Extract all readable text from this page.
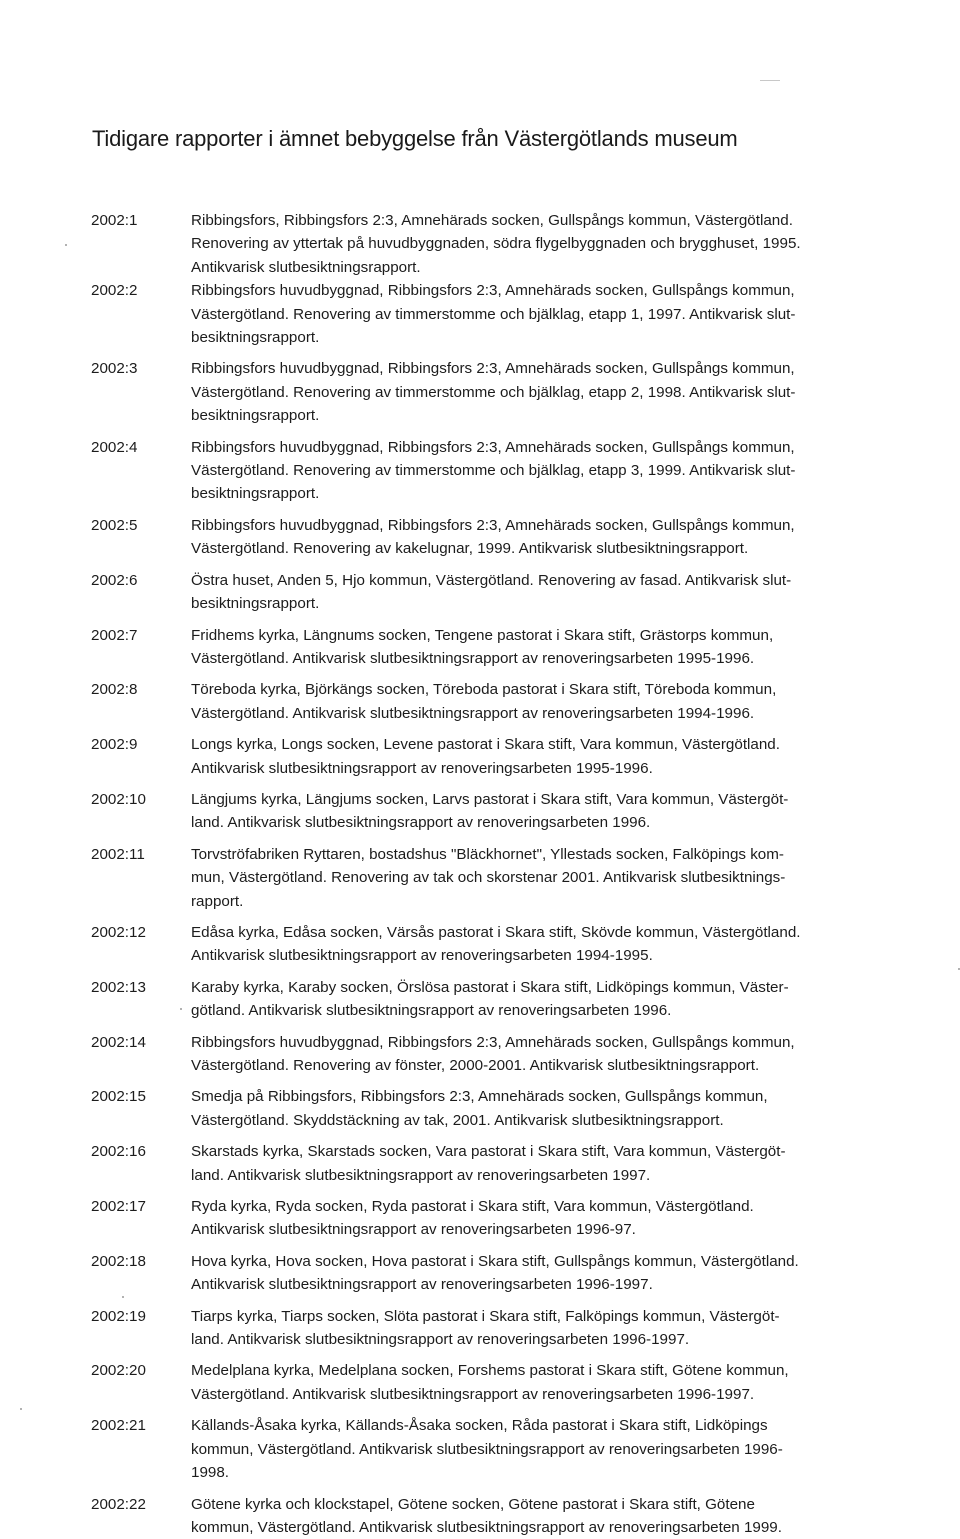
Tidigare rapporter i ämnet bebyggelse från Västergötlands museum
2002:1	Ribbingsfors, Ribbingsfors 2:3, Amnehärads socken, Gullspångs kommun, Västergötland.
Renovering av yttertak på huvudbyggnaden, södra flygelbyggnaden och brygghuset, 1995.
Antikvarisk slutbesiktningsrapport.
2002:2	Ribbingsfors huvudbyggnad, Ribbingsfors 2:3, Amnehärads socken, Gullspångs kommun,
Västergötland. Renovering av timmerstomme och bjälklag, etapp 1, 1997. Antikvarisk slut-
besiktningsrapport.
2002:3	Ribbingsfors huvudbyggnad, Ribbingsfors 2:3, Amnehärads socken, Gullspångs kommun,
Västergötland. Renovering av timmerstomme och bjälklag, etapp 2, 1998. Antikvarisk slut-
besiktningsrapport.
2002:4	Ribbingsfors huvudbyggnad, Ribbingsfors 2:3, Amnehärads socken, Gullspångs kommun,
Västergötland. Renovering av timmerstomme och bjälklag, etapp 3, 1999. Antikvarisk slut-
besiktningsrapport.
2002:5	Ribbingsfors huvudbyggnad, Ribbingsfors 2:3, Amnehärads socken, Gullspångs kommun,
Västergötland. Renovering av kakelugnar, 1999. Antikvarisk slutbesiktningsrapport.
2002:6	Östra huset, Anden 5, Hjo kommun, Västergötland. Renovering av fasad. Antikvarisk slut-
besiktningsrapport.
2002:7	Fridhems kyrka, Längnums socken, Tengene pastorat i Skara stift, Grästorps kommun,
Västergötland. Antikvarisk slutbesiktningsrapport av renoveringsarbeten 1995-1996.
2002:8	Töreboda kyrka, Björkängs socken, Töreboda pastorat i Skara stift, Töreboda kommun,
Västergötland. Antikvarisk slutbesiktningsrapport av renoveringsarbeten 1994-1996.
2002:9	Longs kyrka, Longs socken, Levene pastorat i Skara stift, Vara kommun, Västergötland.
Antikvarisk slutbesiktningsrapport av renoveringsarbeten 1995-1996.
2002:10	Längjums kyrka, Längjums socken, Larvs pastorat i Skara stift, Vara kommun, Västergöt-
land. Antikvarisk slutbesiktningsrapport av renoveringsarbeten 1996.
2002:11	Torvströfabriken Ryttaren, bostadshus "Bläckhornet", Yllestads socken, Falköpings kom-
mun, Västergötland. Renovering av tak och skorstenar 2001. Antikvarisk slutbesiktnings-
rapport.
2002:12	Edåsa kyrka, Edåsa socken, Värsås pastorat i Skara stift, Skövde kommun, Västergötland.
Antikvarisk slutbesiktningsrapport av renoveringsarbeten 1994-1995.
2002:13	Karaby kyrka, Karaby socken, Örslösa pastorat i Skara stift, Lidköpings kommun, Väster-
götland. Antikvarisk slutbesiktningsrapport av renoveringsarbeten 1996.
2002:14	Ribbingsfors huvudbyggnad, Ribbingsfors 2:3, Amnehärads socken, Gullspångs kommun,
Västergötland. Renovering av fönster, 2000-2001. Antikvarisk slutbesiktningsrapport.
2002:15	Smedja på Ribbingsfors, Ribbingsfors 2:3, Amnehärads socken, Gullspångs kommun,
Västergötland. Skyddstäckning av tak, 2001. Antikvarisk slutbesiktningsrapport.
2002:16	Skarstads kyrka, Skarstads socken, Vara pastorat i Skara stift, Vara kommun, Västergöt-
land. Antikvarisk slutbesiktningsrapport av renoveringsarbeten 1997.
2002:17	Ryda kyrka, Ryda socken, Ryda pastorat i Skara stift, Vara kommun, Västergötland.
Antikvarisk slutbesiktningsrapport av renoveringsarbeten 1996-97.
2002:18	Hova kyrka, Hova socken, Hova pastorat i Skara stift, Gullspångs kommun, Västergötland.
Antikvarisk slutbesiktningsrapport av renoveringsarbeten 1996-1997.
2002:19	Tiarps kyrka, Tiarps socken, Slöta pastorat i Skara stift, Falköpings kommun, Västergöt-
land. Antikvarisk slutbesiktningsrapport av renoveringsarbeten 1996-1997.
2002:20	Medelplana kyrka, Medelplana socken, Forshems pastorat i Skara stift, Götene kommun,
Västergötland. Antikvarisk slutbesiktningsrapport av renoveringsarbeten 1996-1997.
2002:21	Källands-Åsaka kyrka, Källands-Åsaka socken, Råda pastorat i Skara stift, Lidköpings
kommun, Västergötland. Antikvarisk slutbesiktningsrapport av renoveringsarbeten 1996-
1998.
2002:22	Götene kyrka och klockstapel, Götene socken, Götene pastorat i Skara stift, Götene
kommun, Västergötland. Antikvarisk slutbesiktningsrapport av renoveringsarbeten 1999.
